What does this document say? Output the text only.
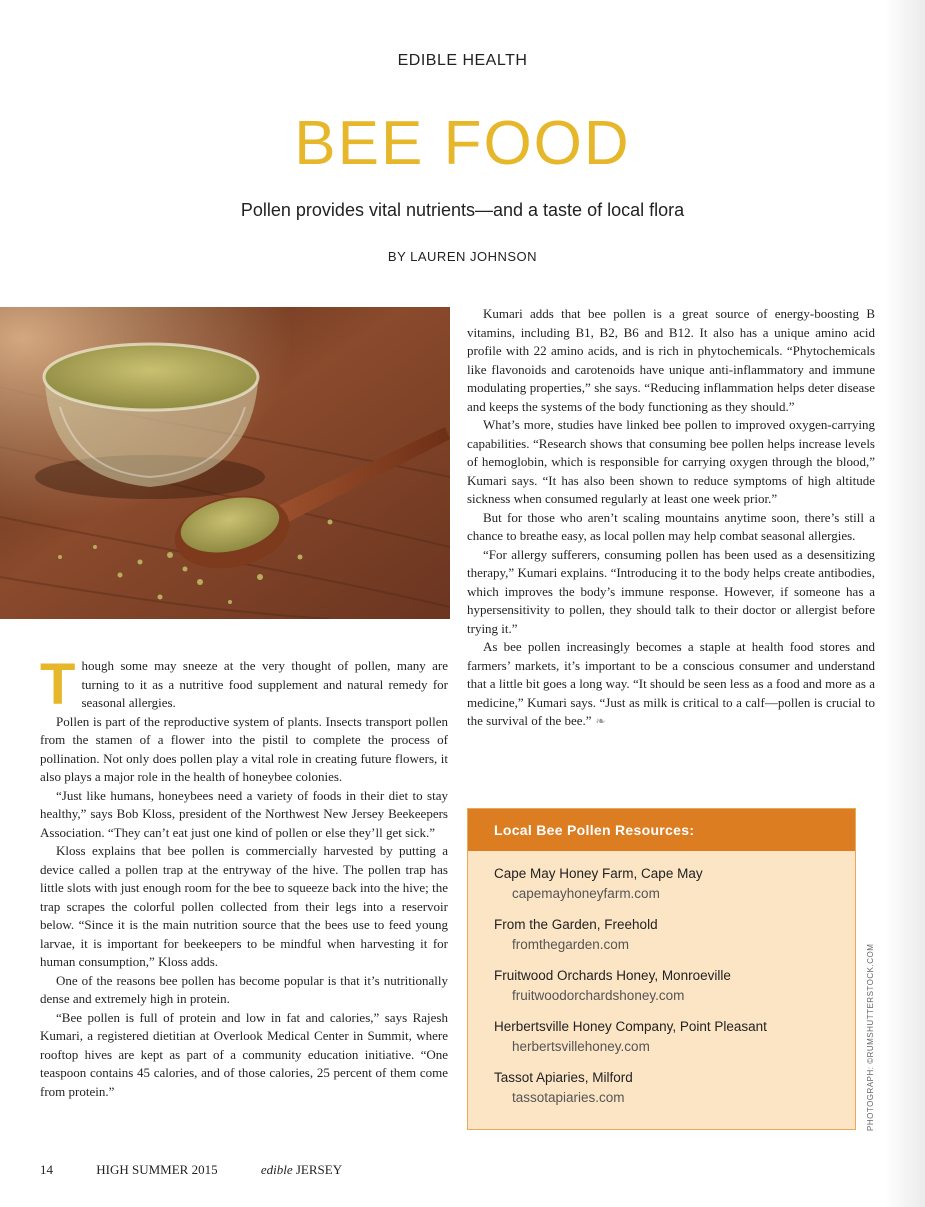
EDIBLE HEALTH
BEE FOOD
Pollen provides vital nutrients—and a taste of local flora
BY LAUREN JOHNSON

Though some may sneeze at the very thought of pollen, many are turning to it as a nutritive food supplement and natural remedy for seasonal allergies.

Pollen is part of the reproductive system of plants. Insects transport pollen from the stamen of a flower into the pistil to complete the process of pollination. Not only does pollen play a vital role in creating future flowers, it also plays a major role in the health of honeybee colonies.

“Just like humans, honeybees need a variety of foods in their diet to stay healthy,” says Bob Kloss, president of the Northwest New Jersey Beekeepers Association. “They can’t eat just one kind of pollen or else they’ll get sick.”

Kloss explains that bee pollen is commercially harvested by putting a device called a pollen trap at the entryway of the hive. The pollen trap has little slots with just enough room for the bee to squeeze back into the hive; the trap scrapes the colorful pollen collected from their legs into a reservoir below. “Since it is the main nutrition source that the bees use to feed young larvae, it is important for beekeepers to be mindful when harvesting it for human consumption,” Kloss adds.

One of the reasons bee pollen has become popular is that it’s nutritionally dense and extremely high in protein.

“Bee pollen is full of protein and low in fat and calories,” says Rajesh Kumari, a registered dietitian at Overlook Medical Center in Summit, where rooftop hives are kept as part of a community education initiative. “One teaspoon contains 45 calories, and of those calories, 25 percent of them come from protein.”

Kumari adds that bee pollen is a great source of energy-boosting B vitamins, including B1, B2, B6 and B12. It also has a unique amino acid profile with 22 amino acids, and is rich in phytochemicals. “Phytochemicals like flavonoids and carotenoids have unique anti-inflammatory and immune modulating properties,” she says. “Reducing inflammation helps deter disease and keeps the systems of the body functioning as they should.”

What’s more, studies have linked bee pollen to improved oxygen-carrying capabilities. “Research shows that consuming bee pollen helps increase levels of hemoglobin, which is responsible for carrying oxygen through the blood,” Kumari says. “It has also been shown to reduce symptoms of high altitude sickness when consumed regularly at least one week prior.”

But for those who aren’t scaling mountains anytime soon, there’s still a chance to breathe easy, as local pollen may help combat seasonal allergies.

“For allergy sufferers, consuming pollen has been used as a desensitizing therapy,” Kumari explains. “Introducing it to the body helps create antibodies, which improves the body’s immune response. However, if someone has a hypersensitivity to pollen, they should talk to their doctor or allergist before trying it.”

As bee pollen increasingly becomes a staple at health food stores and farmers’ markets, it’s important to be a conscious consumer and understand that a little bit goes a long way. “It should be seen less as a food and more as a medicine,” Kumari says. “Just as milk is critical to a calf—pollen is crucial to the survival of the bee.” ❧

Local Bee Pollen Resources:
Cape May Honey Farm, Cape May
capemayhoneyfarm.com
From the Garden, Freehold
fromthegarden.com
Fruitwood Orchards Honey, Monroeville
fruitwoodorchardshoney.com
Herbertsville Honey Company, Point Pleasant
herbertsvillehoney.com
Tassot Apiaries, Milford
tassotapiaries.com	PHOTOGRAPH: ©RUMSHUTTERSTOCK.COM
14	HIGH SUMMER 2015	edible JERSEY
